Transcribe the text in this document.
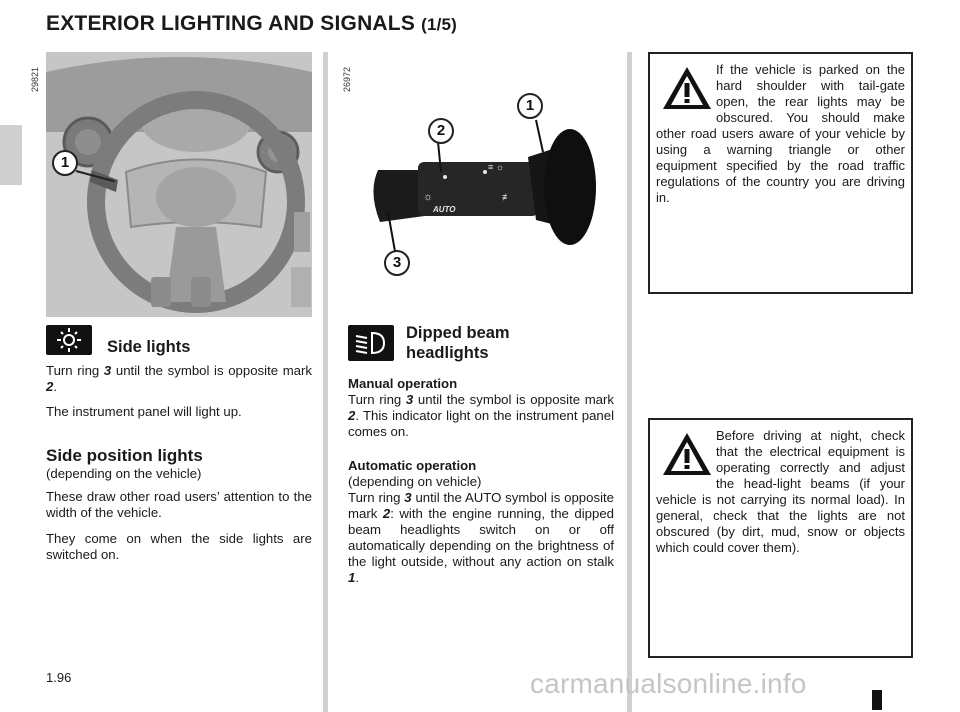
EXTERIOR LIGHTING AND SIGNALS (1/5)
29821
1
26972
☼
≡ ☼
≢
AUTO
1
2
3
Side lights
Turn ring 3 until the symbol is opposite mark 2.
The instrument panel will light up.
Side position lights
(depending on the vehicle)
These draw other road users’ attention to the width of the vehicle.
They come on when the side lights are switched on.
Dipped beam
headlights
Manual operation
Turn ring 3 until the symbol is opposite mark 2. This indicator light on the instrument panel comes on.
Automatic operation
(depending on vehicle)
Turn ring 3 until the AUTO symbol is opposite mark 2: with the engine running, the dipped beam headlights switch on or off automatically depending on the brightness of the light outside, without any action on stalk 1.
If the vehicle is parked on the hard shoulder with tail-gate open, the rear lights may be obscured. You should make other road users aware of your vehicle by using a warning triangle or other equipment specified by the road traffic regulations of the country you are driving in.
Before driving at night, check that the electrical equipment is operating correctly and adjust the head-light beams (if your vehicle is not carrying its normal load). In general, check that the lights are not obscured (by dirt, mud, snow or objects which could cover them).
1.96	carmanualsonline.info
